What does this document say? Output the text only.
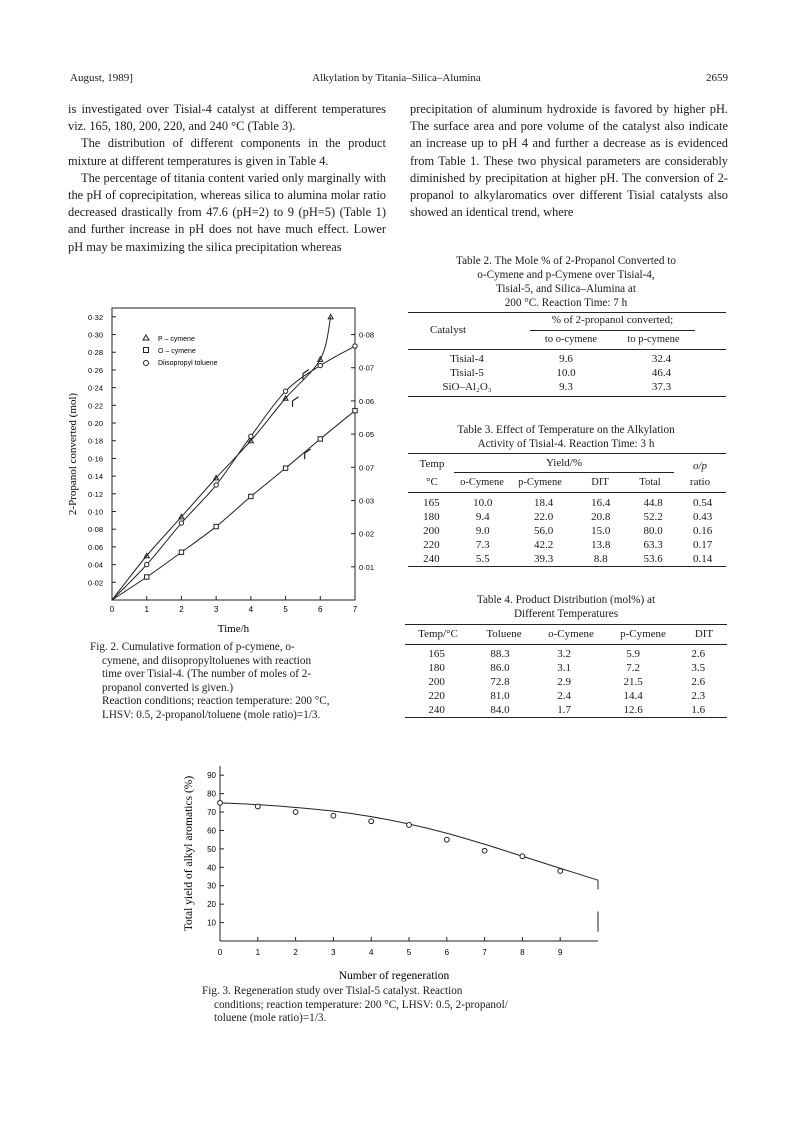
August, 1989]	Alkylation by Titania–Silica–Alumina	2659

is investigated over Tisial-4 catalyst at different temperatures viz. 165, 180, 200, 220, and 240 °C (Table 3).

The distribution of different components in the product mixture at different temperatures is given in Table 4.

The percentage of titania content varied only marginally with the pH of coprecipitation, whereas silica to alumina molar ratio decreased drastically from 47.6 (pH=2) to 9 (pH=5) (Table 1) and further increase in pH does not have much effect. Lower pH may be maximizing the silica precipitation whereas

precipitation of aluminum hydroxide is favored by higher pH. The surface area and pore volume of the catalyst also indicate an increase up to pH 4 and further a decrease as is evidenced from Table 1. These two physical parameters are considerably diminished by precipitation at higher pH. The conversion of 2-propanol to alkylaromatics over different Tisial catalysts also showed an identical trend, where

0	1	2	3	4	5	6	7
0·32
0·30
0·28
0·26
0·24
0·22
0·20
0·18
0·16
0·14
0·12
0·10
0·08
0·06
0·04
0·02
0·08
0·07
0·06
0·05
0·07
0·03
0·02
0·01
Time/h
2-Propanol converted (mol)
P – cymene
O – cymene
Diisopropyl toluene
Fig. 2. Cumulative formation of p-cymene, o-
cymene, and diisopropyltoluenes with reaction
time over Tisial-4. (The number of moles of 2-
propanol converted is given.)
Reaction conditions; reaction temperature: 200 °C,
LHSV: 0.5, 2-propanol/toluene (mole ratio)=1/3.
Table 2. The Mole % of 2-Propanol Converted to
o-Cymene and p-Cymene over Tisial-4,
Tisial-5, and Silica–Alumina at
200 °C. Reaction Time: 7 h
Catalyst
% of 2-propanol converted;
to o-cymene	to p-cymene
Tisial-4	9.6	32.4
Tisial-5	10.0	46.4
SiO–Al₂O₃	9.3	37.3
Table 3. Effect of Temperature on the Alkylation
Activity of Tisial-4. Reaction Time: 3 h
Temp
°C
Yield/%	o/p
ratio
o-Cymene	p-Cymene	DIT	Total
165	10.0	18.4	16.4	44.8	0.54
180	9.4	22.0	20.8	52.2	0.43
200	9.0	56.0	15.0	80.0	0.16
220	7.3	42.2	13.8	63.3	0.17
240	5.5	39.3	8.8	53.6	0.14
Table 4. Product Distribution (mol%) at
Different Temperatures
Temp/°C	Toluene	o-Cymene	p-Cymene	DIT
165	88.3	3.2	5.9	2.6
180	86.0	3.1	7.2	3.5
200	72.8	2.9	21.5	2.6
220	81.0	2.4	14.4	2.3
240	84.0	1.7	12.6	1.6
0	1	2	3	4	5	6	7	8	9
90
80
70
60
50
40
30
20
10
Number of regeneration
Total yield of alkyl aromatics (%)
Fig. 3. Regeneration study over Tisial-5 catalyst. Reaction
conditions; reaction temperature: 200 °C, LHSV: 0.5, 2-propanol/
toluene (mole ratio)=1/3.
